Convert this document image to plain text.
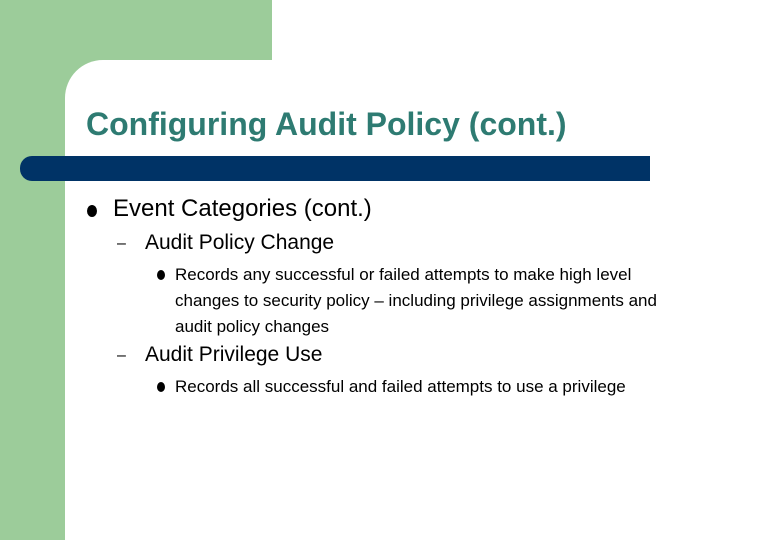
Configuring Audit Policy (cont.)
Event Categories (cont.)
– Audit Policy Change
Records any successful or failed attempts to make high level
changes to security policy – including privilege assignments and
audit policy changes
– Audit Privilege Use
Records all successful and failed attempts to use a privilege
